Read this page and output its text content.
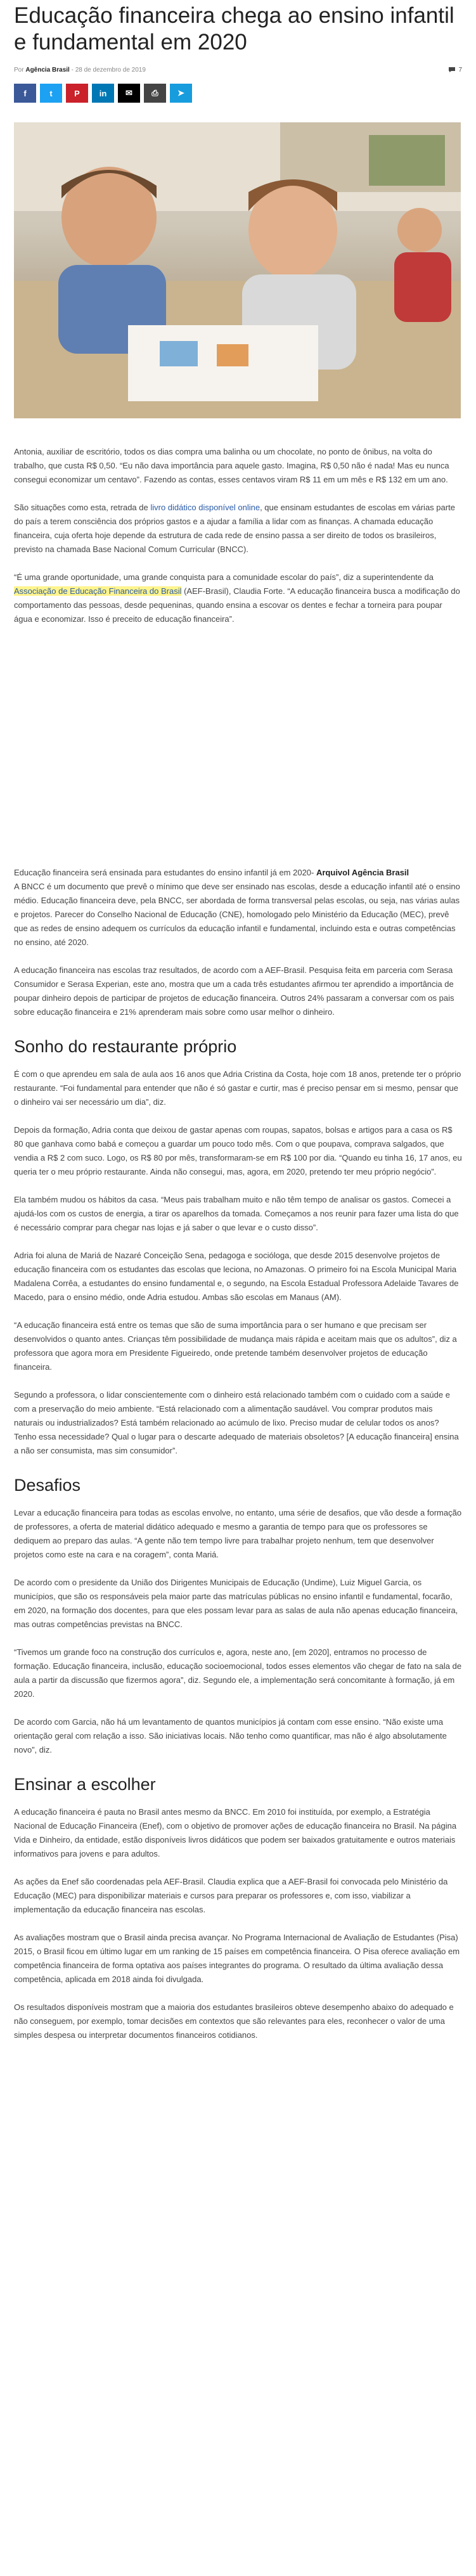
Educação financeira chega ao ensino infantil e fundamental em 2020
Por Agência Brasil - 28 de dezembro de 2019	7
f	t	P in ✉ ⎙ ➤

Antonia, auxiliar de escritório, todos os dias compra uma balinha ou um chocolate, no ponto de ônibus, na volta do trabalho, que custa R$ 0,50. “Eu não dava importância para aquele gasto. Imagina, R$ 0,50 não é nada! Mas eu nunca consegui economizar um centavo”. Fazendo as contas, esses centavos viram R$ 11 em um mês e R$ 132 em um ano.

São situações como esta, retrada de livro didático disponível online, que ensinam estudantes de escolas em várias parte do país a terem consciência dos próprios gastos e a ajudar a família a lidar com as finanças. A chamada educação financeira, cuja oferta hoje depende da estrutura de cada rede de ensino passa a ser direito de todos os brasileiros, previsto na chamada Base Nacional Comum Curricular (BNCC).

“É uma grande oportunidade, uma grande conquista para a comunidade escolar do país”, diz a superintendente da Associação de Educação Financeira do Brasil (AEF-Brasil), Claudia Forte. “A educação financeira busca a modificação do comportamento das pessoas, desde pequeninas, quando ensina a escovar os dentes e fechar a torneira para poupar água e economizar. Isso é preceito de educação financeira”.

Educação financeira será ensinada para estudantes do ensino infantil já em 2020- Arquivol Agência Brasil

A BNCC é um documento que prevê o mínimo que deve ser ensinado nas escolas, desde a educação infantil até o ensino médio. Educação financeira deve, pela BNCC, ser abordada de forma transversal pelas escolas, ou seja, nas várias aulas e projetos. Parecer do Conselho Nacional de Educação (CNE), homologado pelo Ministério da Educação (MEC), prevê que as redes de ensino adequem os currículos da educação infantil e fundamental, incluindo esta e outras competências no ensino, até 2020.

A educação financeira nas escolas traz resultados, de acordo com a AEF-Brasil. Pesquisa feita em parceria com Serasa Consumidor e Serasa Experian, este ano, mostra que um a cada três estudantes afirmou ter aprendido a importância de poupar dinheiro depois de participar de projetos de educação financeira. Outros 24% passaram a conversar com os pais sobre educação financeira e 21% aprenderam mais sobre como usar melhor o dinheiro.

Sonho do restaurante próprio

É com o que aprendeu em sala de aula aos 16 anos que Adria Cristina da Costa, hoje com 18 anos, pretende ter o próprio restaurante. “Foi fundamental para entender que não é só gastar e curtir, mas é preciso pensar em si mesmo, pensar que o dinheiro vai ser necessário um dia”, diz.

Depois da formação, Adria conta que deixou de gastar apenas com roupas, sapatos, bolsas e artigos para a casa os R$ 80 que ganhava como babá e começou a guardar um pouco todo mês. Com o que poupava, comprava salgados, que vendia a R$ 2 com suco. Logo, os R$ 80 por mês, transformaram-se em R$ 100 por dia. “Quando eu tinha 16, 17 anos, eu queria ter o meu próprio restaurante. Ainda não consegui, mas, agora, em 2020, pretendo ter meu próprio negócio”.

Ela também mudou os hábitos da casa. “Meus pais trabalham muito e não têm tempo de analisar os gastos. Comecei a ajudá-los com os custos de energia, a tirar os aparelhos da tomada. Começamos a nos reunir para fazer uma lista do que é necessário comprar para chegar nas lojas e já saber o que levar e o custo disso”.

Adria foi aluna de Mariá de Nazaré Conceição Sena, pedagoga e socióloga, que desde 2015 desenvolve projetos de educação financeira com os estudantes das escolas que leciona, no Amazonas. O primeiro foi na Escola Municipal Maria Madalena Corrêa, a estudantes do ensino fundamental e, o segundo, na Escola Estadual Professora Adelaide Tavares de Macedo, para o ensino médio, onde Adria estudou. Ambas são escolas em Manaus (AM).

“A educação financeira está entre os temas que são de suma importância para o ser humano e que precisam ser desenvolvidos o quanto antes. Crianças têm possibilidade de mudança mais rápida e aceitam mais que os adultos”, diz a professora que agora mora em Presidente Figueiredo, onde pretende também desenvolver projetos de educação financeira.

Segundo a professora, o lidar conscientemente com o dinheiro está relacionado também com o cuidado com a saúde e com a preservação do meio ambiente. “Está relacionado com a alimentação saudável. Vou comprar produtos mais naturais ou industrializados? Está também relacionado ao acúmulo de lixo. Preciso mudar de celular todos os anos? Tenho essa necessidade? Qual o lugar para o descarte adequado de materiais obsoletos? [A educação financeira] ensina a não ser consumista, mas sim consumidor”.

Desafios

Levar a educação financeira para todas as escolas envolve, no entanto, uma série de desafios, que vão desde a formação de professores, a oferta de material didático adequado e mesmo a garantia de tempo para que os professores se dediquem ao preparo das aulas. “A gente não tem tempo livre para trabalhar projeto nenhum, tem que desenvolver projetos como este na cara e na coragem”, conta Mariá.

De acordo com o presidente da União dos Dirigentes Municipais de Educação (Undime), Luiz Miguel Garcia, os municípios, que são os responsáveis pela maior parte das matrículas públicas no ensino infantil e fundamental, focarão, em 2020, na formação dos docentes, para que eles possam levar para as salas de aula não apenas educação financeira, mas outras competências previstas na BNCC.

“Tivemos um grande foco na construção dos currículos e, agora, neste ano, [em 2020], entramos no processo de formação. Educação financeira, inclusão, educação socioemocional, todos esses elementos vão chegar de fato na sala de aula a partir da discussão que fizermos agora”, diz. Segundo ele, a implementação será concomitante à formação, já em 2020.

De acordo com Garcia, não há um levantamento de quantos municípios já contam com esse ensino. “Não existe uma orientação geral com relação a isso. São iniciativas locais. Não tenho como quantificar, mas não é algo absolutamente novo”, diz.

Ensinar a escolher

A educação financeira é pauta no Brasil antes mesmo da BNCC. Em 2010 foi instituída, por exemplo, a Estratégia Nacional de Educação Financeira (Enef), com o objetivo de promover ações de educação financeira no Brasil. Na página Vida e Dinheiro, da entidade, estão disponíveis livros didáticos que podem ser baixados gratuitamente e outros materiais informativos para jovens e para adultos.

As ações da Enef são coordenadas pela AEF-Brasil. Claudia explica que a AEF-Brasil foi convocada pelo Ministério da Educação (MEC) para disponibilizar materiais e cursos para preparar os professores e, com isso, viabilizar a implementação da educação financeira nas escolas.

As avaliações mostram que o Brasil ainda precisa avançar. No Programa Internacional de Avaliação de Estudantes (Pisa) 2015, o Brasil ficou em último lugar em um ranking de 15 países em competência financeira. O Pisa oferece avaliação em competência financeira de forma optativa aos países integrantes do programa. O resultado da última avaliação dessa competência, aplicada em 2018 ainda foi divulgada.

Os resultados disponíveis mostram que a maioria dos estudantes brasileiros obteve desempenho abaixo do adequado e não conseguem, por exemplo, tomar decisões em contextos que são relevantes para eles, reconhecer o valor de uma simples despesa ou interpretar documentos financeiros cotidianos.
